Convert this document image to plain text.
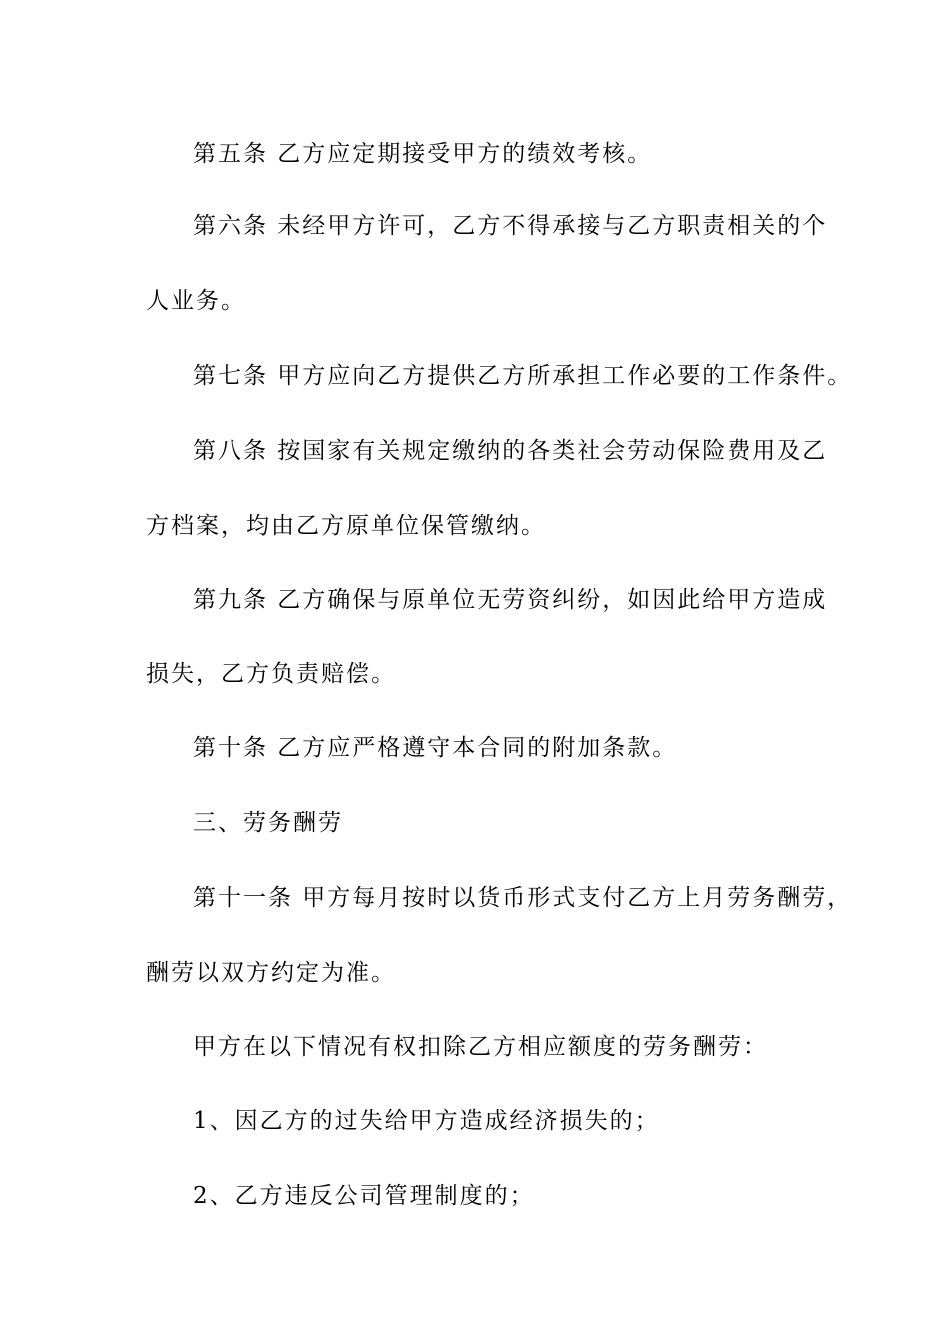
第五条 乙方应定期接受甲方的绩效考核。
第六条 未经甲方许可，乙方不得承接与乙方职责相关的个
人业务。
第七条 甲方应向乙方提供乙方所承担工作必要的工作条件。
第八条 按国家有关规定缴纳的各类社会劳动保险费用及乙
方档案，均由乙方原单位保管缴纳。
第九条 乙方确保与原单位无劳资纠纷，如因此给甲方造成
损失，乙方负责赔偿。
第十条 乙方应严格遵守本合同的附加条款。
三、劳务酬劳
第十一条 甲方每月按时以货币形式支付乙方上月劳务酬劳，
酬劳以双方约定为准。
甲方在以下情况有权扣除乙方相应额度的劳务酬劳：
1、因乙方的过失给甲方造成经济损失的；
2、乙方违反公司管理制度的；
